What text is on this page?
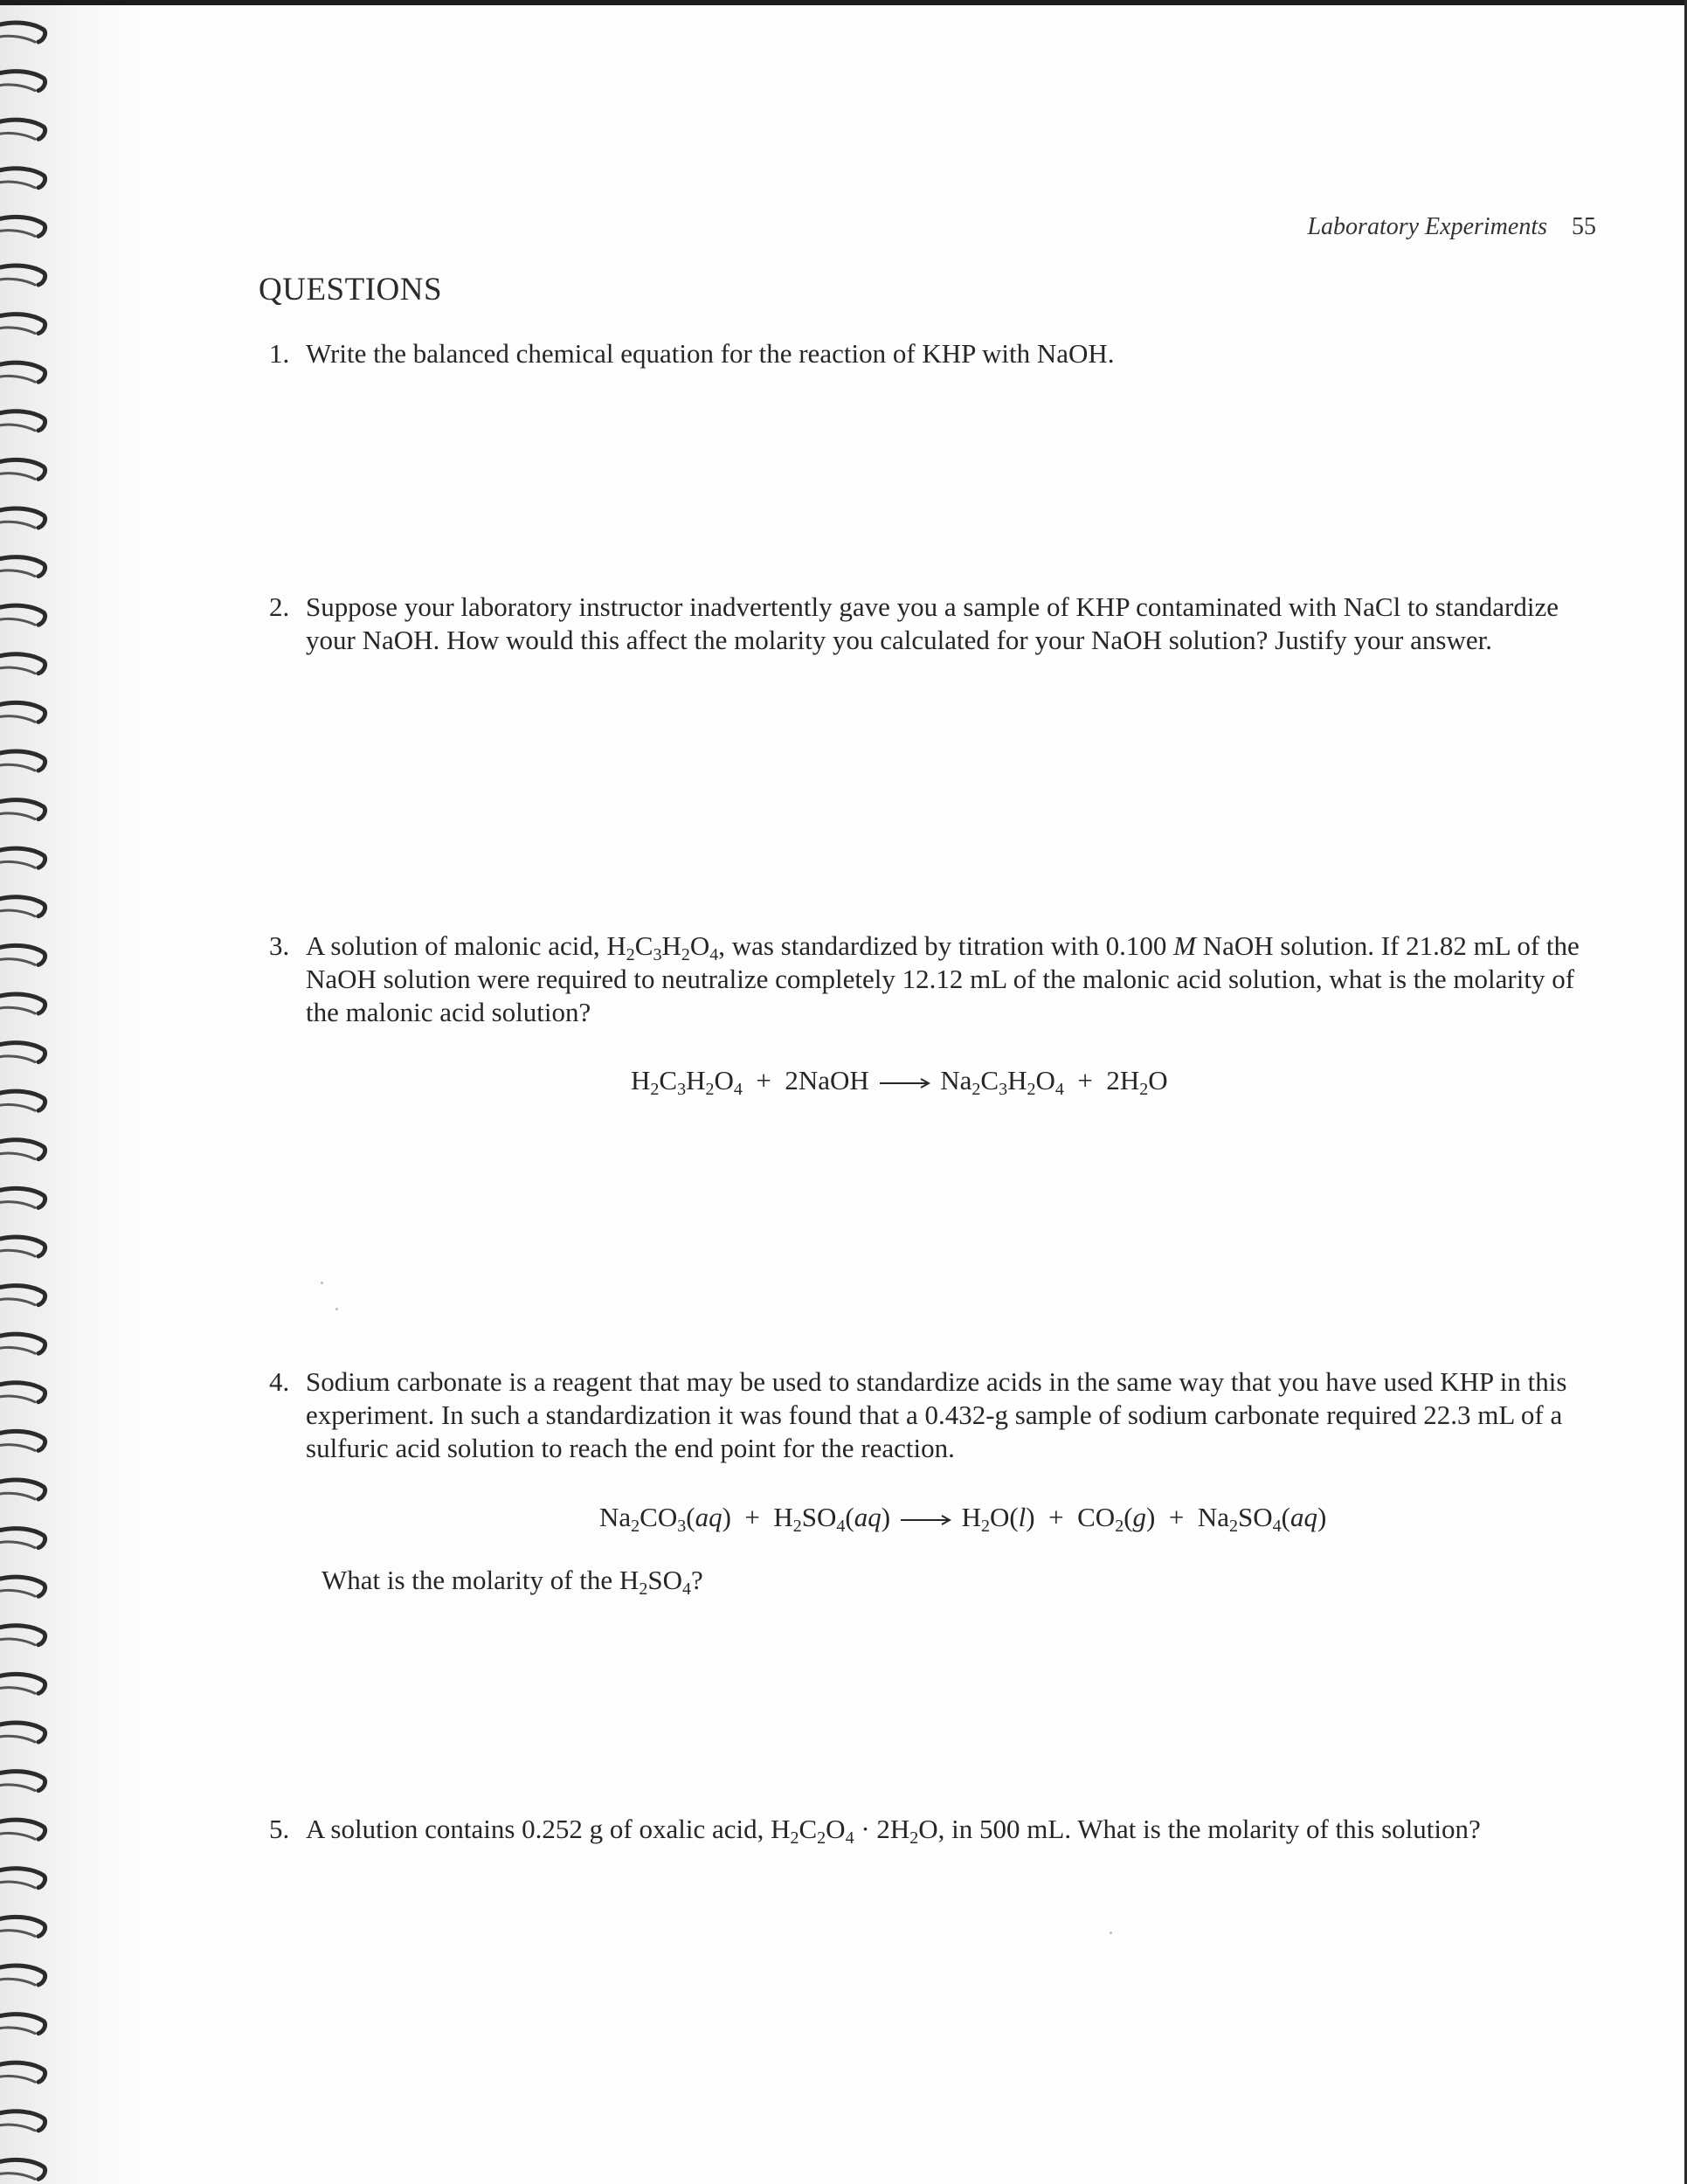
Laboratory Experiments 55
QUESTIONS
1. Write the balanced chemical equation for the reaction of KHP with NaOH.
2. Suppose your laboratory instructor inadvertently gave you a sample of KHP contaminated with NaCl to standardize your NaOH. How would this affect the molarity you calculated for your NaOH solution? Justify your answer.
3. A solution of malonic acid, $H_2C_3H_2O_4$, was standardized by titration with 0.100 M NaOH solution. If 21.82 mL of the NaOH solution were required to neutralize completely 12.12 mL of the malonic acid solution, what is the molarity of the malonic acid solution?
$H_2C_3H_2O_4$ + 2NaOH → $Na_2C_3H_2O_4 + 2H_2O$
4. Sodium carbonate is a reagent that may be used to standardize acids in the same way that you have used KHP in this experiment. In such a standardization it was found that a 0.432-g sample of sodium carbonate required 22.3 mL of a sulfuric acid solution to reach the end point for the reaction.
$Na_2CO_3(aq) + H_2SO_4(aq) \to H_2O(l) + CO_2(g) + Na_2SO_4(aq)$
What is the molarity of the $H_2SO_4$?
5. A solution contains 0.252 g of oxalic acid, $H_2C_2O_4 \cdot 2H_2O$, in 500 mL. What is the molarity of this solution?
